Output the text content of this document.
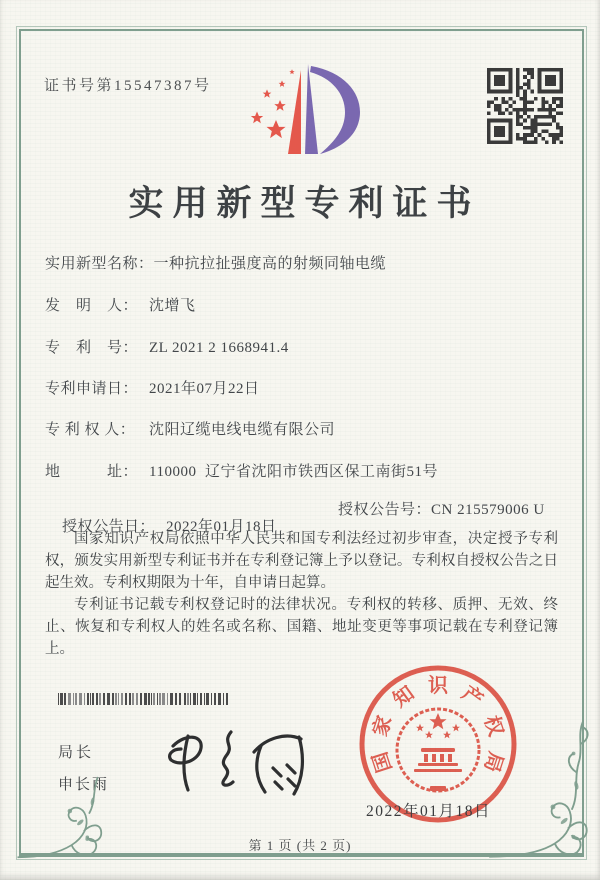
证书号第15547387号
实用新型专利证书
实用新型名称：一种抗拉扯强度高的射频同轴电缆
发　明　人： 沈增飞
专　利　号： ZL 2021 2 1668941.4
专利申请日： 2021年07月22日
专 利 权 人： 沈阳辽缆电线电缆有限公司
地　　　址： 110000  辽宁省沈阳市铁西区保工南街51号

授权公告日： 2022年01月18日

授权公告号：CN 215579006 U

国家知识产权局依照中华人民共和国专利法经过初步审查，决定授予专利权，颁发实用新型专利证书并在专利登记簿上予以登记。专利权自授权公告之日起生效。专利权期限为十年，自申请日起算。

专利证书记载专利权登记时的法律状况。专利权的转移、质押、无效、终止、恢复和专利权人的姓名或名称、国籍、地址变更等事项记载在专利登记簿上。

局长
申长雨
国
家
知 识 产
权
局
2022年01月18日
第 1 页 (共 2 页)
